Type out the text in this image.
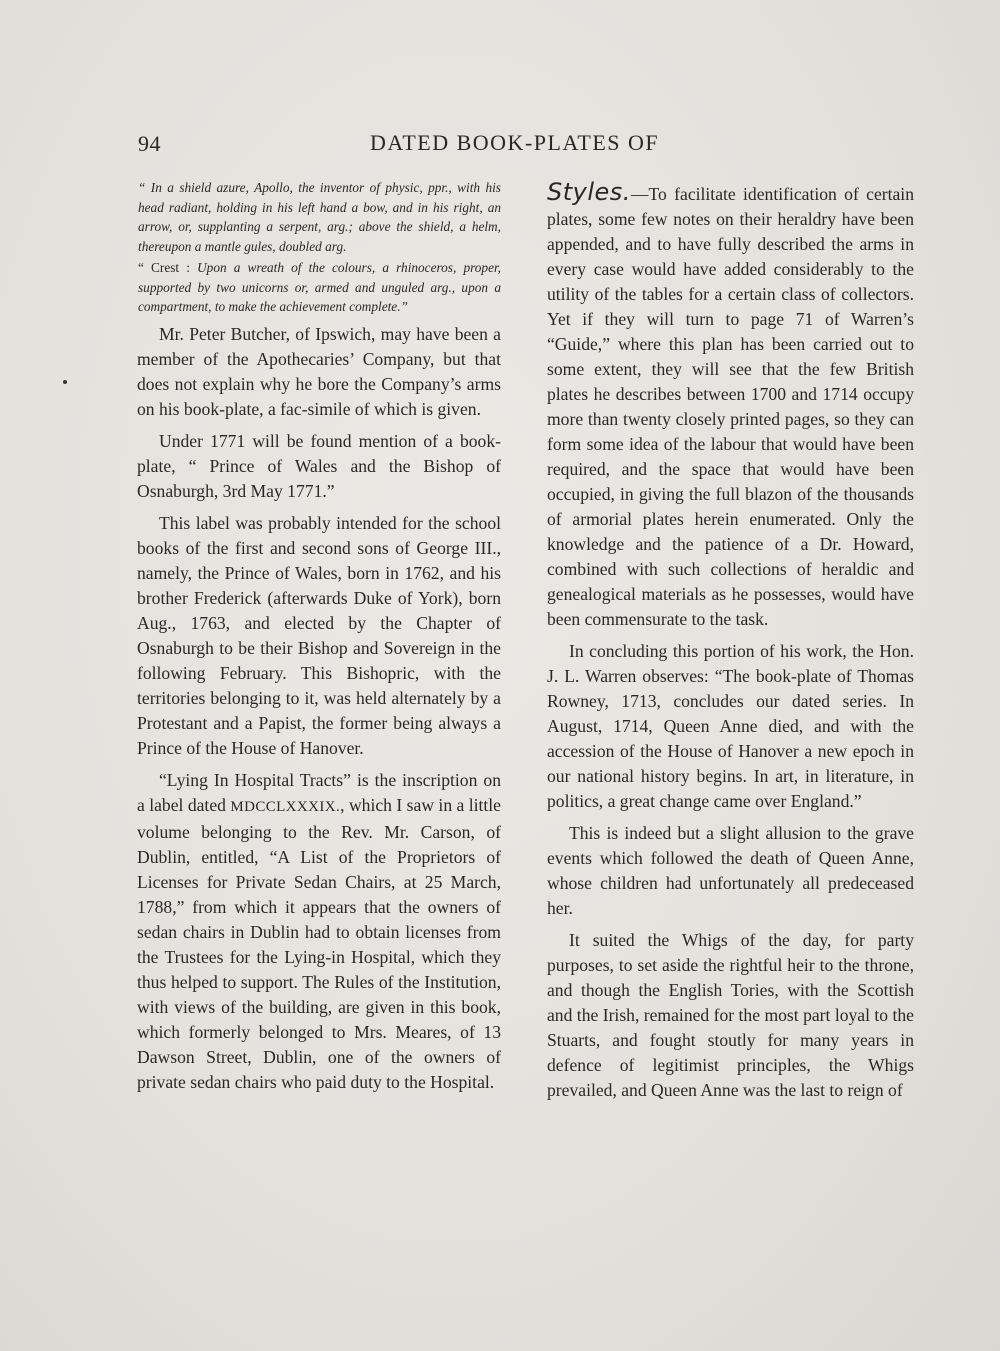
94	DATED BOOK-PLATES OF

“ In a shield azure, Apollo, the inventor of physic, ppr., with his head radiant, holding in his left hand a bow, and in his right, an arrow, or, supplanting a serpent, arg.; above the shield, a helm, thereupon a mantle gules, doubled arg.

“ Crest : Upon a wreath of the colours, a rhinoceros, proper, supported by two unicorns or, armed and unguled arg., upon a compartment, to make the achievement complete.”

Mr. Peter Butcher, of Ipswich, may have been a member of the Apothecaries’ Company, but that does not explain why he bore the Company’s arms on his book-plate, a fac-simile of which is given.

Under 1771 will be found mention of a book-plate, “ Prince of Wales and the Bishop of Osnaburgh, 3rd May 1771.”

This label was probably intended for the school books of the first and second sons of George III., namely, the Prince of Wales, born in 1762, and his brother Frederick (afterwards Duke of York), born Aug., 1763, and elected by the Chapter of Osnaburgh to be their Bishop and Sovereign in the following February. This Bishopric, with the territories belonging to it, was held alternately by a Protestant and a Papist, the former being always a Prince of the House of Hanover.

“Lying In Hospital Tracts” is the inscription on a label dated MDCCLXXXIX., which I saw in a little volume belonging to the Rev. Mr. Carson, of Dublin, entitled, “A List of the Proprietors of Licenses for Private Sedan Chairs, at 25 March, 1788,” from which it appears that the owners of sedan chairs in Dublin had to obtain licenses from the Trustees for the Lying-in Hospital, which they thus helped to support. The Rules of the Institution, with views of the building, are given in this book, which formerly belonged to Mrs. Meares, of 13 Dawson Street, Dublin, one of the owners of private sedan chairs who paid duty to the Hospital.

Styles.—To facilitate identification of certain plates, some few notes on their heraldry have been appended, and to have fully described the arms in every case would have added considerably to the utility of the tables for a certain class of collectors. Yet if they will turn to page 71 of Warren’s “Guide,” where this plan has been carried out to some extent, they will see that the few British plates he describes between 1700 and 1714 occupy more than twenty closely printed pages, so they can form some idea of the labour that would have been required, and the space that would have been occupied, in giving the full blazon of the thousands of armorial plates herein enumerated. Only the knowledge and the patience of a Dr. Howard, combined with such collections of heraldic and genealogical materials as he possesses, would have been commensurate to the task.

In concluding this portion of his work, the Hon. J. L. Warren observes: “The book-plate of Thomas Rowney, 1713, concludes our dated series. In August, 1714, Queen Anne died, and with the accession of the House of Hanover a new epoch in our national history begins. In art, in literature, in politics, a great change came over England.”

This is indeed but a slight allusion to the grave events which followed the death of Queen Anne, whose children had unfortunately all predeceased her.

It suited the Whigs of the day, for party purposes, to set aside the rightful heir to the throne, and though the English Tories, with the Scottish and the Irish, remained for the most part loyal to the Stuarts, and fought stoutly for many years in defence of legitimist principles, the Whigs prevailed, and Queen Anne was the last to reign of
